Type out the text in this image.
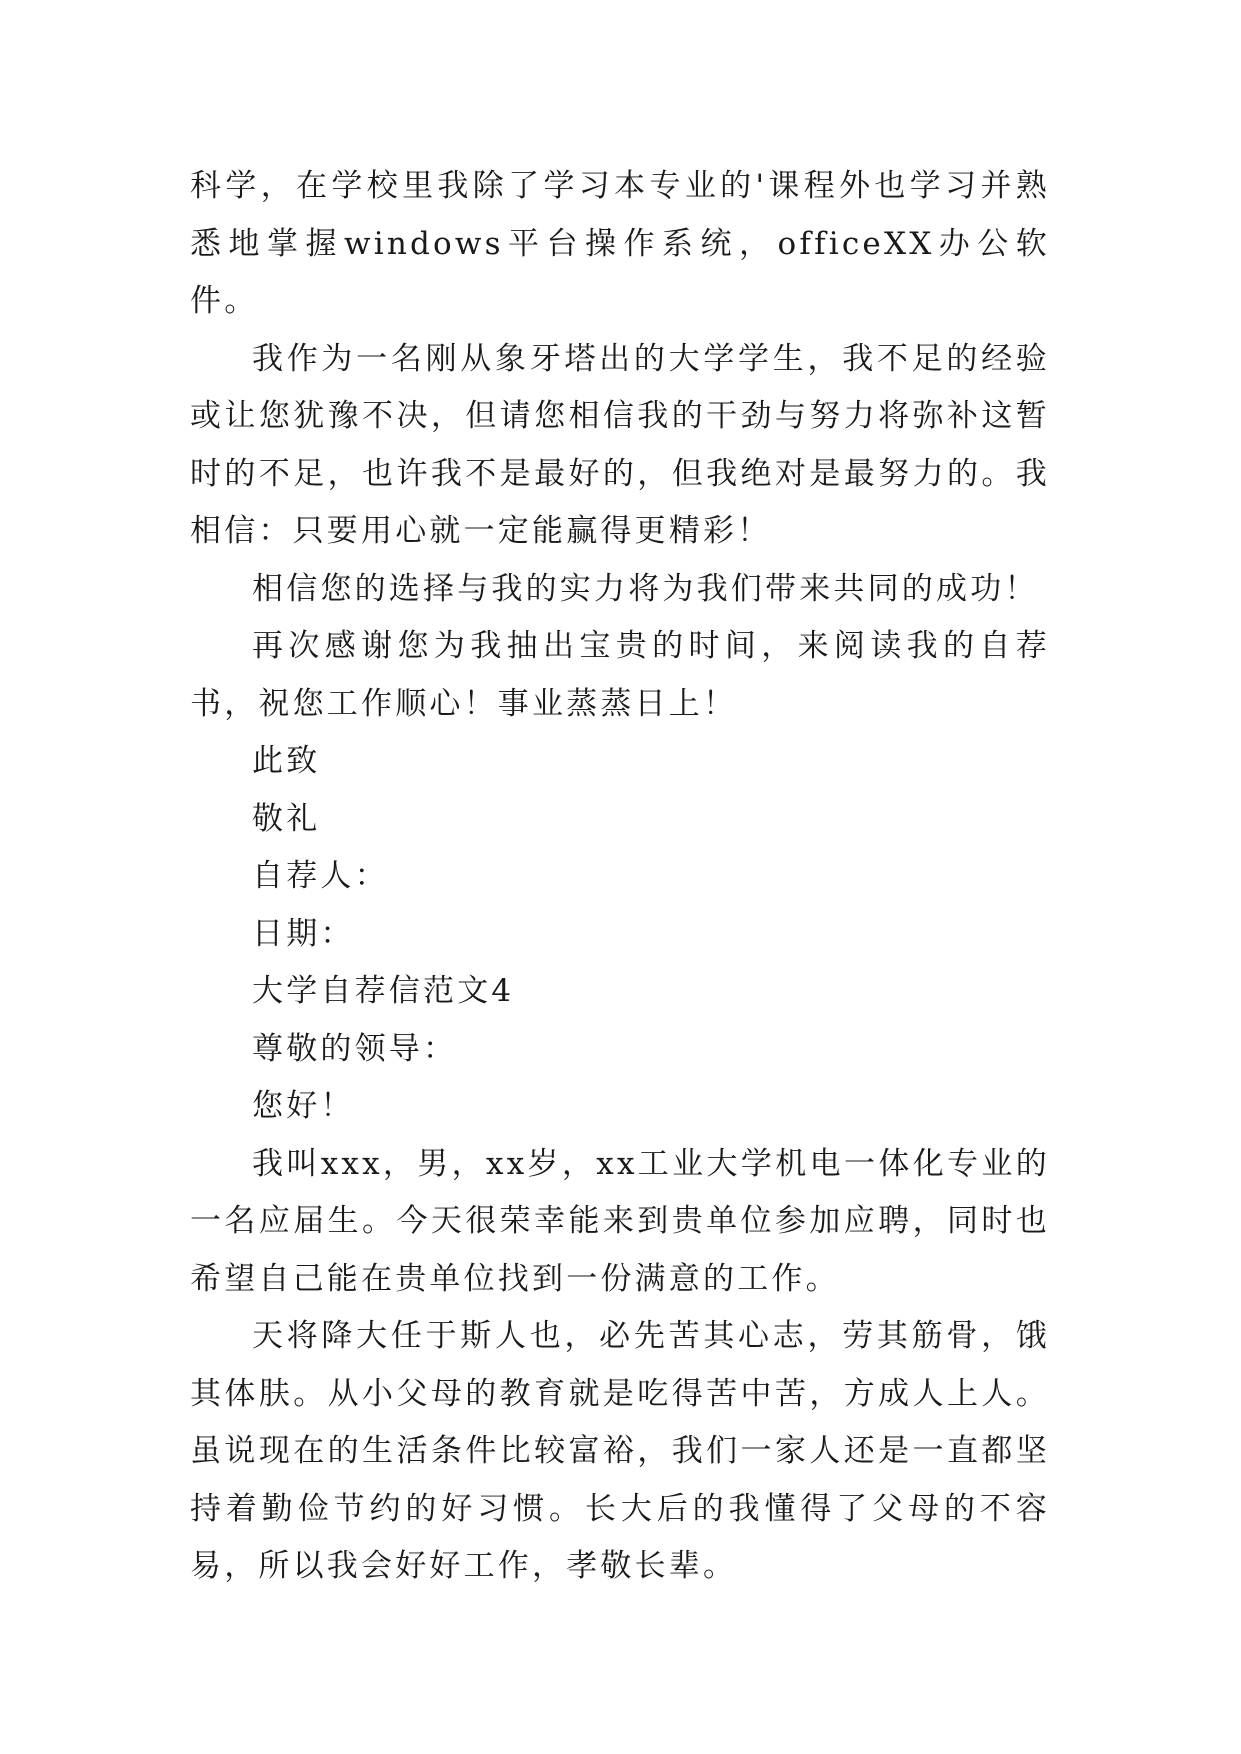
科学，在学校里我除了学习本专业的'课程外也学习并熟悉地掌握windows平台操作系统，officeXX办公软件。

我作为一名刚从象牙塔出的大学学生，我不足的经验或让您犹豫不决，但请您相信我的干劲与努力将弥补这暂时的不足，也许我不是最好的，但我绝对是最努力的。我相信：只要用心就一定能赢得更精彩！

相信您的选择与我的实力将为我们带来共同的成功！

再次感谢您为我抽出宝贵的时间，来阅读我的自荐书，祝您工作顺心！事业蒸蒸日上！

此致

敬礼

自荐人：

日期：

大学自荐信范文4

尊敬的领导：

您好！

我叫xxx，男，xx岁，xx工业大学机电一体化专业的一名应届生。今天很荣幸能来到贵单位参加应聘，同时也希望自己能在贵单位找到一份满意的工作。

天将降大任于斯人也，必先苦其心志，劳其筋骨，饿其体肤。从小父母的教育就是吃得苦中苦，方成人上人。虽说现在的生活条件比较富裕，我们一家人还是一直都坚持着勤俭节约的好习惯。长大后的我懂得了父母的不容易，所以我会好好工作，孝敬长辈。
